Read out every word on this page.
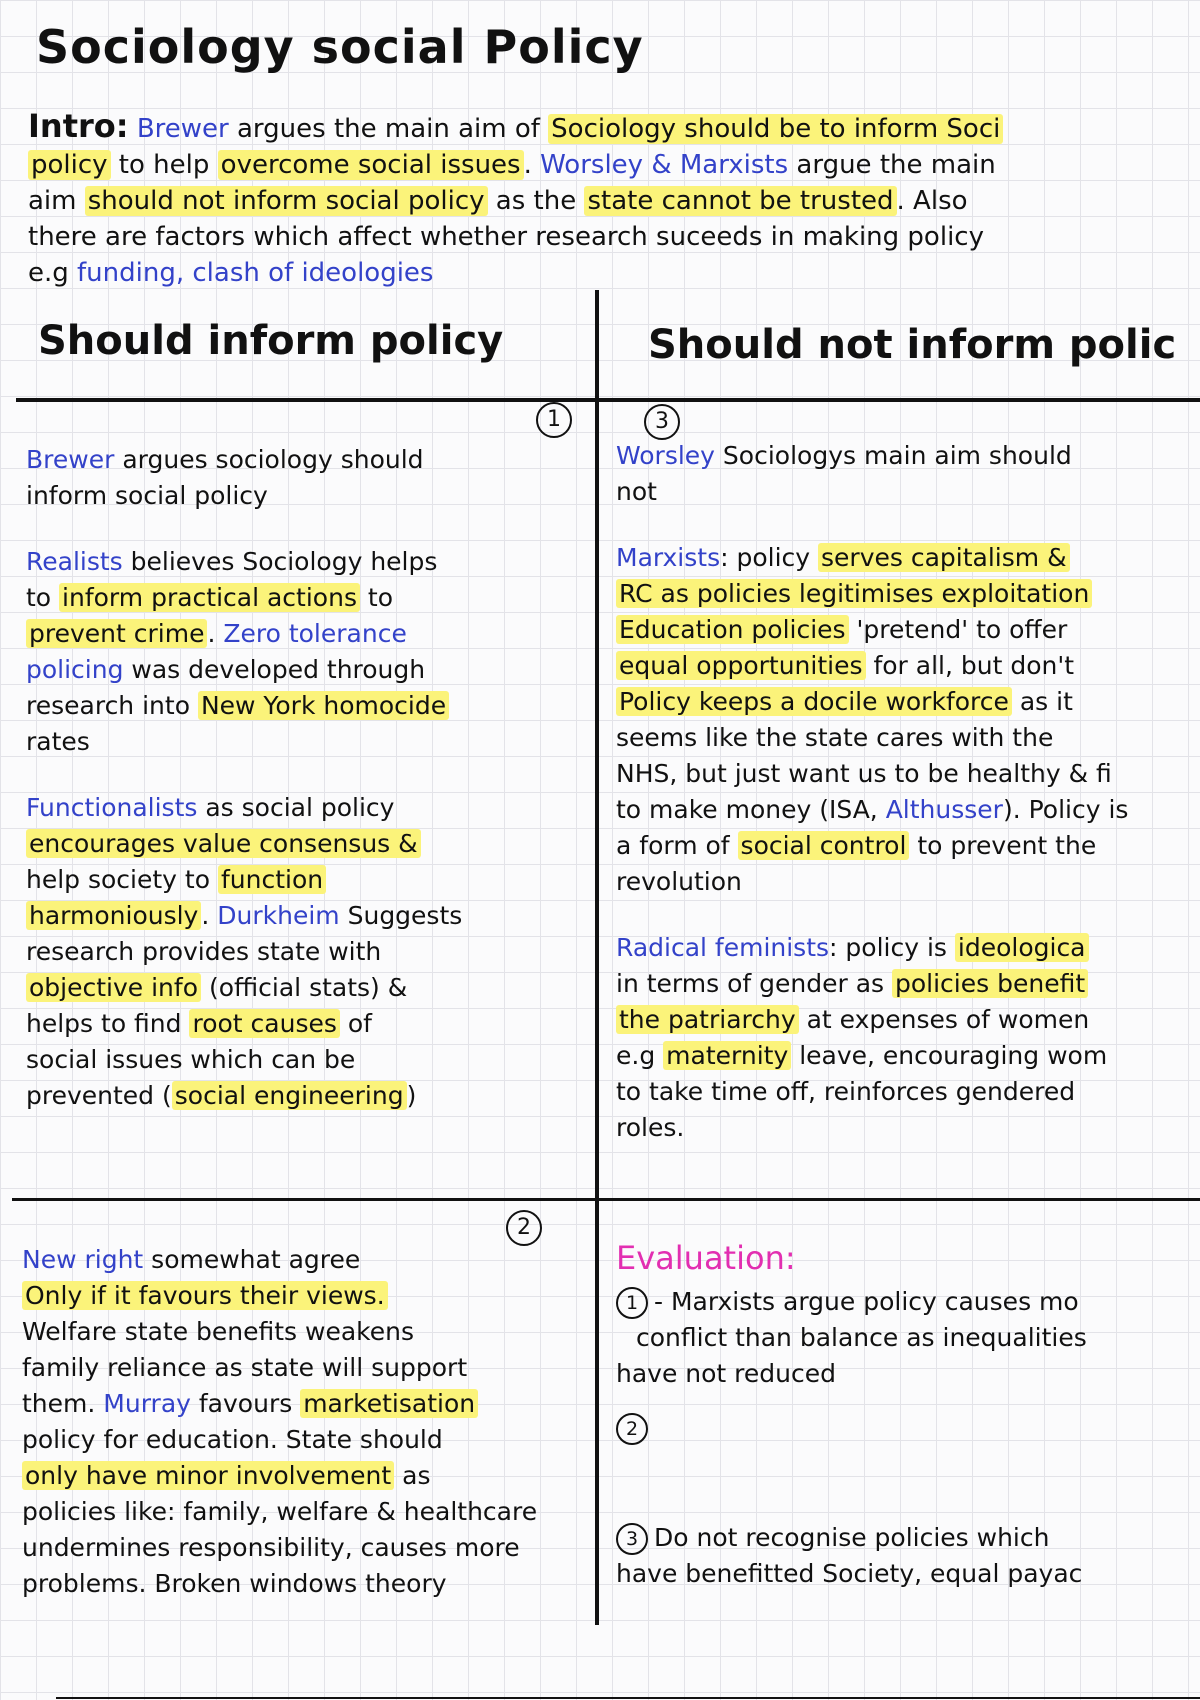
Sociology social Policy
Intro: Brewer argues the main aim of Sociology should be to inform Soci
policy to help overcome social issues . Worsley & Marxists argue the main
aim should not inform social policy as the state cannot be trusted . Also
there are factors which affect whether research suceeds in making policy
e.g funding, clash of ideologies
Should inform policy	Should not inform polic
1	3
2

Brewer argues sociology should
inform social policy

Realists believes Sociology helps
to inform practical actions to
prevent crime . Zero tolerance
policing was developed through
research into New York homocide
rates

Functionalists as social policy
encourages value consensus &
help society to function
harmoniously . Durkheim Suggests
research provides state with
objective info (official stats) &
helps to find root causes of
social issues which can be
prevented ( social engineering )

Worsley Sociologys main aim should
not

Marxists: policy serves capitalism &
RC as policies legitimises exploitation
Education policies 'pretend' to offer
equal opportunities for all, but don't
Policy keeps a docile workforce as it
seems like the state cares with the
NHS, but just want us to be healthy & fi
to make money (ISA, Althusser). Policy is
a form of social control to prevent the
revolution

Radical feminists: policy is ideologica
in terms of gender as policies benefit
the patriarchy at expenses of women
e.g maternity leave, encouraging wom
to take time off, reinforces gendered
roles.

New right somewhat agree
Only if it favours their views.
Welfare state benefits weakens
family reliance as state will support
them. Murray favours marketisation
policy for education. State should
only have minor involvement as
policies like: family, welfare & healthcare
undermines responsibility, causes more
problems. Broken windows theory

Evaluation:
1 - Marxists argue policy causes mo
conflict than balance as inequalities
have not reduced
2
3 Do not recognise policies which
have benefitted Society, equal payac
